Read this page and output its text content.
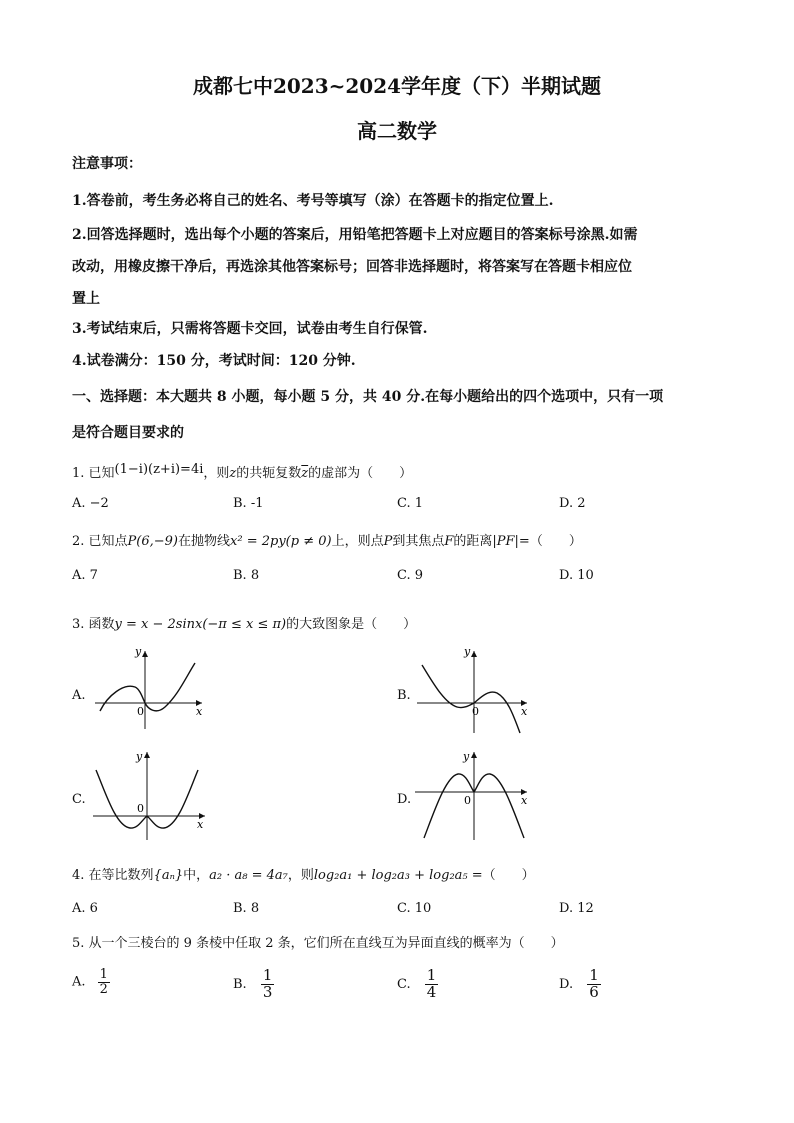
成都七中2023~2024学年度（下）半期试题
高二数学
注意事项：
1.答卷前，考生务必将自己的姓名、考号等填写（涂）在答题卡的指定位置上.
2.回答选择题时，选出每个小题的答案后，用铅笔把答题卡上对应题目的答案标号涂黑.如需
改动，用橡皮擦干净后，再选涂其他答案标号；回答非选择题时，将答案写在答题卡相应位
置上
3.考试结束后，只需将答题卡交回，试卷由考生自行保管.
4.试卷满分：150 分，考试时间：120 分钟.
一、选择题：本大题共 8 小题，每小题 5 分，共 40 分.在每小题给出的四个选项中，只有一项
是符合题目要求的
1. 已知(1−i)(z+i)=4i，则z的共轭复数$\overline{z}$的虚部为（　　）
A. −2	B. -1	C. 1	D. 2
2. 已知点P(6,−9)在抛物线x² = 2py(p ≠ 0)上，则点P到其焦点F的距离|PF|=（　　）
A. 7	B. 8	C. 9	D. 10
3. 函数y = x − 2sinx(−π ≤ x ≤ π)的大致图象是（　　）
A.
y
x
0
B.
y
x
0
C.
y
x
0
D.
y
x
0
4. 在等比数列{aₙ}中，a₂ · a₈ = 4a₇，则log₂a₁ + log₂a₃ + log₂a₅ =（　　）
A. 6	B. 8	C. 10	D. 12
5. 从一个三棱台的 9 条棱中任取 2 条，它们所在直线互为异面直线的概率为（　　）
A. $\frac{1}{2}$	B. $\frac{1}{3}$	C. $\frac{1}{4}$	D. $\frac{1}{6}$
